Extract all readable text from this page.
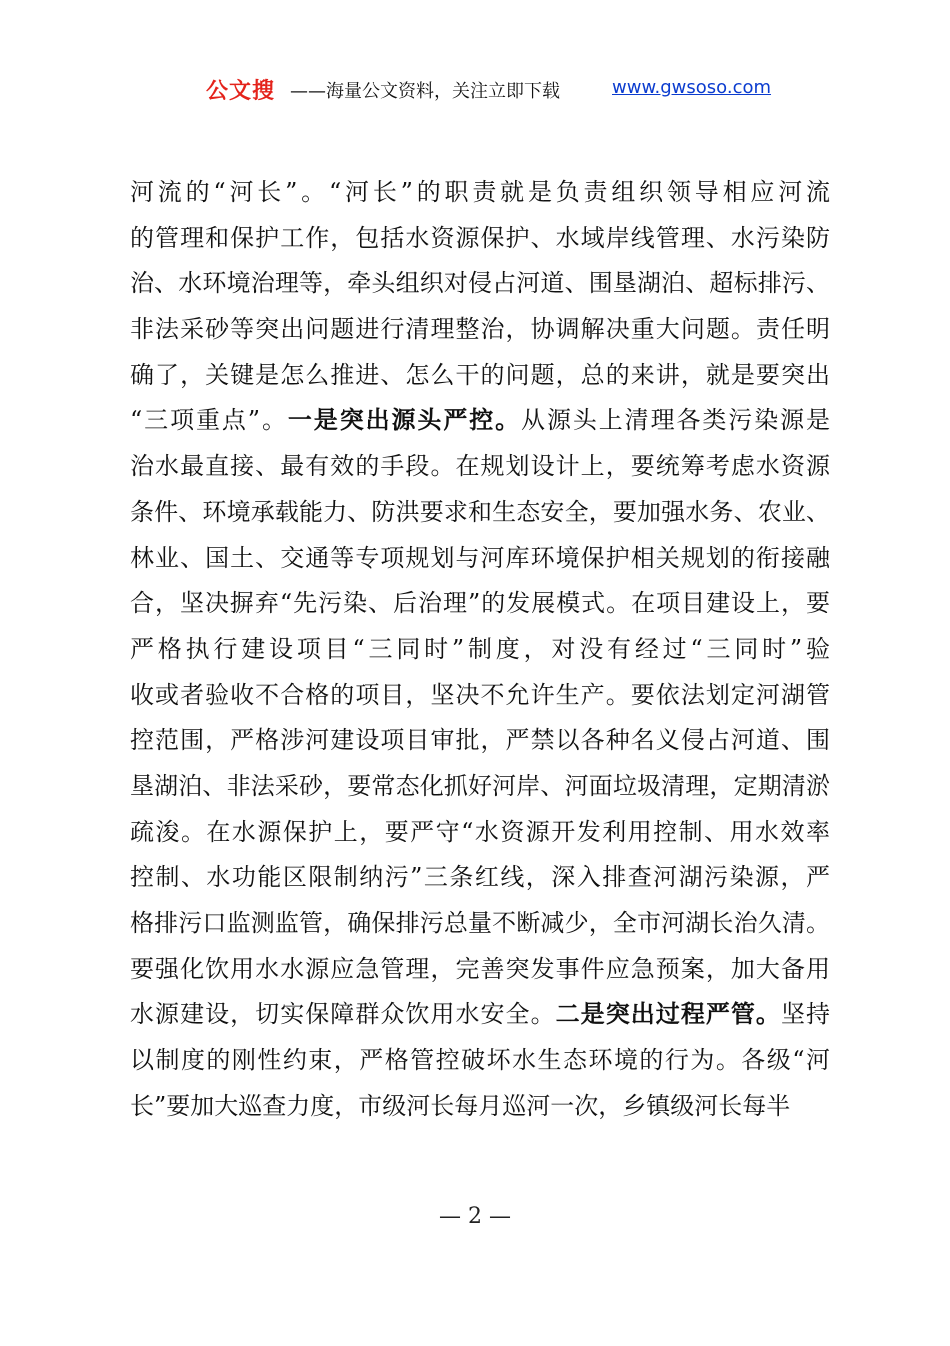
公文搜 ——海量公文资料，关注立即下载	www.gwsoso.com
河流的“河长”。“河长”的职责就是负责组织领导相应河流
的管理和保护工作，包括水资源保护、水域岸线管理、水污染防
治、水环境治理等，牵头组织对侵占河道、围垦湖泊、超标排污、
非法采砂等突出问题进行清理整治，协调解决重大问题。责任明
确了，关键是怎么推进、怎么干的问题，总的来讲，就是要突出
“三项重点”。一是突出源头严控。从源头上清理各类污染源是
治水最直接、最有效的手段。在规划设计上，要统筹考虑水资源
条件、环境承载能力、防洪要求和生态安全，要加强水务、农业、
林业、国土、交通等专项规划与河库环境保护相关规划的衔接融
合，坚决摒弃“先污染、后治理”的发展模式。在项目建设上，要
严格执行建设项目“三同时”制度，对没有经过“三同时”验
收或者验收不合格的项目，坚决不允许生产。要依法划定河湖管
控范围，严格涉河建设项目审批，严禁以各种名义侵占河道、围
垦湖泊、非法采砂，要常态化抓好河岸、河面垃圾清理，定期清淤
疏浚。在水源保护上，要严守“水资源开发利用控制、用水效率
控制、水功能区限制纳污”三条红线，深入排查河湖污染源，严
格排污口监测监管，确保排污总量不断减少，全市河湖长治久清。
要强化饮用水水源应急管理，完善突发事件应急预案，加大备用
水源建设，切实保障群众饮用水安全。二是突出过程严管。坚持
以制度的刚性约束，严格管控破坏水生态环境的行为。各级“河
长”要加大巡查力度，市级河长每月巡河一次，乡镇级河长每半
— 2 —
